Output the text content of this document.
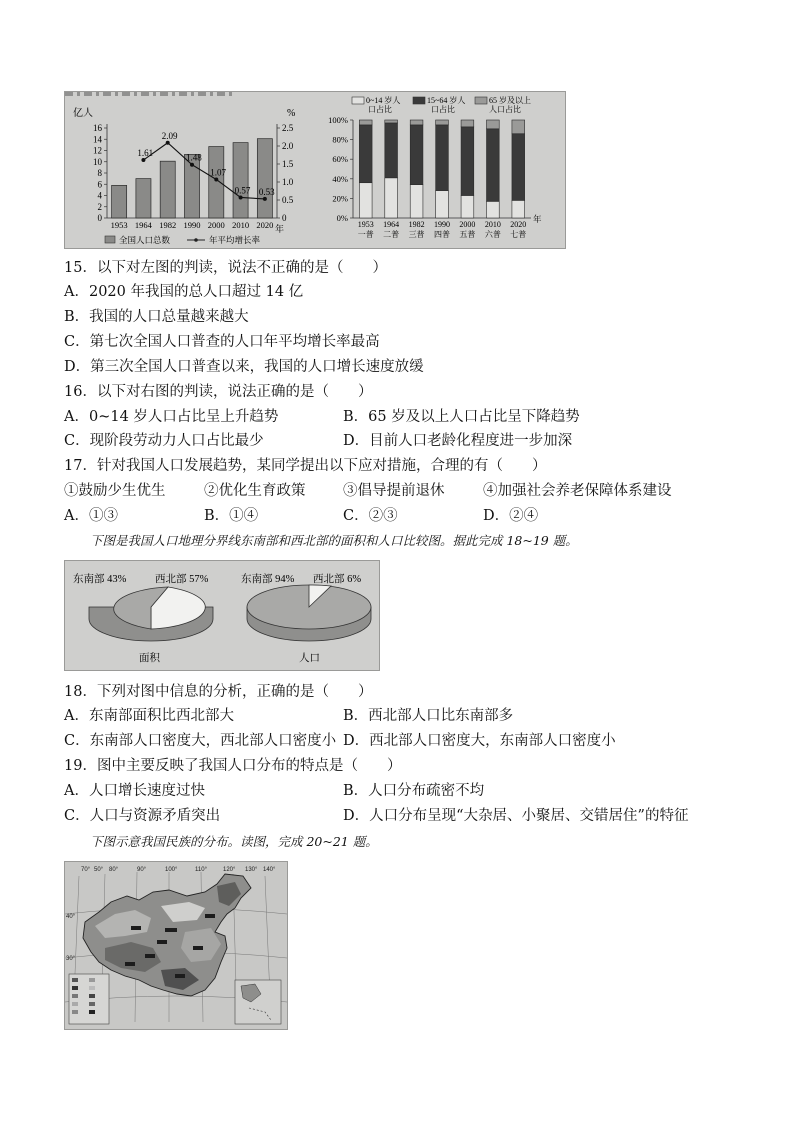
亿人	%
0
2
4
6
8
10
12
14
16
0
0.5
1.0
1.5
2.0
2.5
1.61
2.09
1.48
1.07
0.57 0.53
1953 1964 1982 1990 2000 2010 2020 年
全国人口总数	年平均增长率
0~14 岁人
口占比
15~64 岁人
口占比
65 岁及以上
人口占比
0%
20%
40%
60%
80%
100%
1953
一普
1964
二普
1982
三普
1990
四普
2000
五普
2010
六普
2020
七普
年
15．以下对左图的判读，说法不正确的是（　　）
A．2020 年我国的总人口超过 14 亿
B．我国的人口总量越来越大
C．第七次全国人口普查的人口年平均增长率最高
D．第三次全国人口普查以来，我国的人口增长速度放缓
16．以下对右图的判读，说法正确的是（　　）
A．0~14 岁人口占比呈上升趋势	B．65 岁及以上人口占比呈下降趋势
C．现阶段劳动力人口占比最少	D．目前人口老龄化程度进一步加深
17．针对我国人口发展趋势，某同学提出以下应对措施，合理的有（　　）
①鼓励少生优生	②优化生育政策	③倡导提前退休	④加强社会养老保障体系建设
A．①③	B．①④	C．②③	D．②④
下图是我国人口地理分界线东南部和西北部的面积和人口比较图。据此完成 18~19 题。
东南部 43%	西北部 57%
面积
东南部 94% 西北部 6%
人口
18．下列对图中信息的分析，正确的是（　　）
A．东南部面积比西北部大	B．西北部人口比东南部多
C．东南部人口密度大，西北部人口密度小 D．西北部人口密度大，东南部人口密度小
19．图中主要反映了我国人口分布的特点是（　　）
A．人口增长速度过快	B．人口分布疏密不均
C．人口与资源矛盾突出	D．人口分布呈现“大杂居、小聚居、交错居住”的特征
下图示意我国民族的分布。读图，完成 20~21 题。
70° 50° 80°	90°	100°	110°	120° 130° 140°
40°
30°
